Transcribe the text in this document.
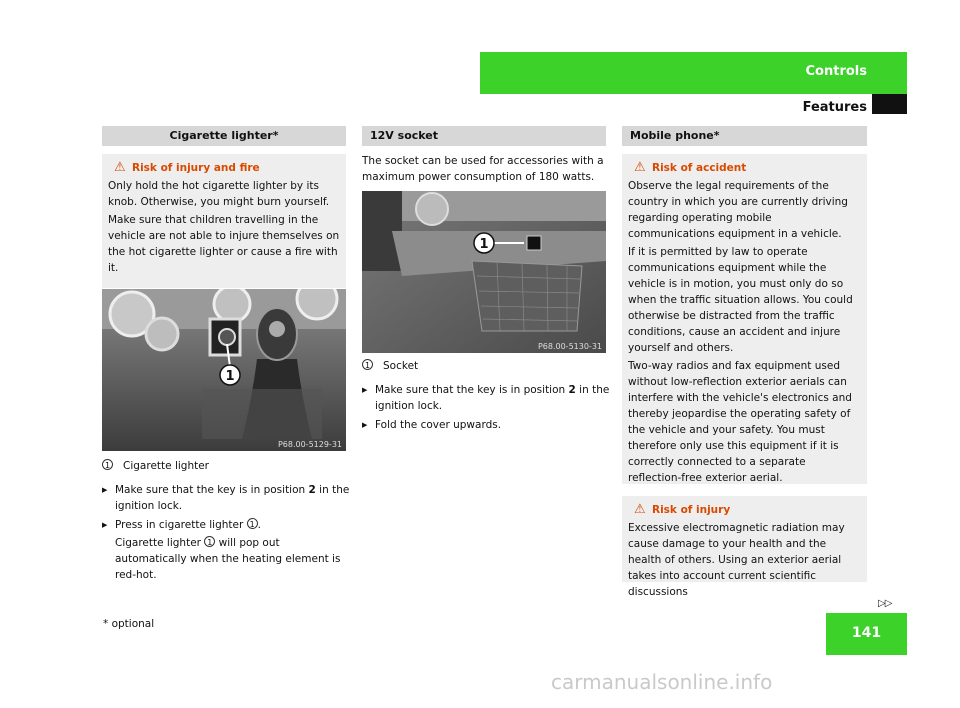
Controls
Features
Cigarette lighter*

⚠ Risk of injury and fire

Only hold the hot cigarette lighter by its knob. Otherwise, you might burn yourself.

Make sure that children travelling in the vehicle are not able to injure themselves on the hot cigarette lighter or cause a fire with it.

1
P68.00-5129-31
1 Cigarette lighter
▶ Make sure that the key is in position 2 in the ignition lock.
▶ Press in cigarette lighter 1 .
Cigarette lighter 1 will pop out automatically when the heating element is red-hot.
12V socket
The socket can be used for accessories with a maximum power consumption of 180 watts.
1
P68.00-5130-31
1 Socket
▶ Make sure that the key is in position 2 in the ignition lock.
▶ Fold the cover upwards.
Mobile phone*

⚠ Risk of accident

Observe the legal requirements of the country in which you are currently driving regarding operating mobile communications equipment in a vehicle.

If it is permitted by law to operate communications equipment while the vehicle is in motion, you must only do so when the traffic situation allows. You could otherwise be distracted from the traffic conditions, cause an accident and injure yourself and others.

Two-way radios and fax equipment used without low-reflection exterior aerials can interfere with the vehicle's electronics and thereby jeopardise the operating safety of the vehicle and your safety. You must therefore only use this equipment if it is correctly connected to a separate reflection-free exterior aerial.

⚠ Risk of injury

Excessive electromagnetic radiation may cause damage to your health and the health of others. Using an exterior aerial takes into account current scientific discussions

▷▷
* optional
141
carmanualsonline.info
